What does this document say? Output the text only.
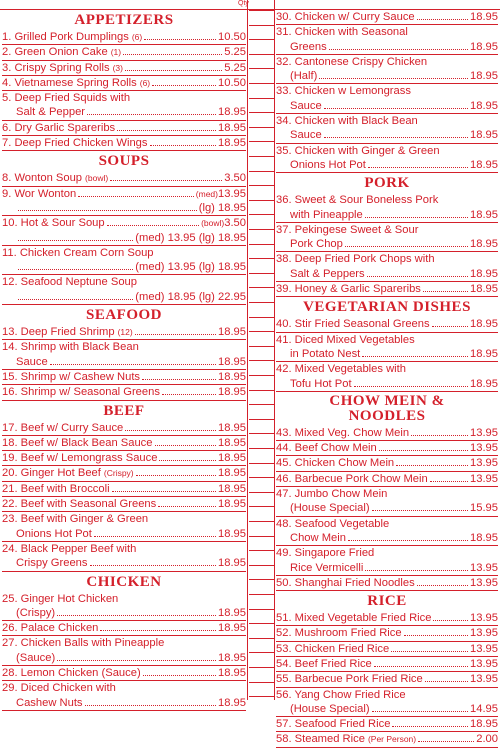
Qty
APPETIZERS
1. Grilled Pork Dumplings (6)	10.50
2. Green Onion Cake (1)	5.25
3. Crispy Spring Rolls (3)	5.25
4. Vietnamese Spring Rolls (6)	10.50
5. Deep Fried Squids with
Salt & Pepper	18.95
6. Dry Garlic Spareribs	18.95
7. Deep Fried Chicken Wings	18.95
SOUPS
8. Wonton Soup (bowl)	3.50
9. Wor Wonton	(med) 13.95
(lg) 18.95
10. Hot & Sour Soup	(bowl) 3.50
(med) 13.95 (lg) 18.95
11. Chicken Cream Corn Soup
(med) 13.95 (lg) 18.95
12. Seafood Neptune Soup
(med) 18.95 (lg) 22.95
SEAFOOD
13. Deep Fried Shrimp (12)	18.95
14. Shrimp with Black Bean
Sauce	18.95
15. Shrimp w/ Cashew Nuts	18.95
16. Shrimp w/ Seasonal Greens	18.95
BEEF
17. Beef w/ Curry Sauce	18.95
18. Beef w/ Black Bean Sauce	18.95
19. Beef w/ Lemongrass Sauce	18.95
20. Ginger Hot Beef (Crispy)	18.95
21. Beef with Broccoli	18.95
22. Beef with Seasonal Greens	18.95
23. Beef with Ginger & Green
Onions Hot Pot	18.95
24. Black Pepper Beef with
Crispy Greens	18.95
CHICKEN
25. Ginger Hot Chicken
(Crispy)	18.95
26. Palace Chicken	18.95
27. Chicken Balls with Pineapple
(Sauce)	18.95
28. Lemon Chicken (Sauce)	18.95
29. Diced Chicken with
Cashew Nuts	18.95
30. Chicken w/ Curry Sauce	18.95
31. Chicken with Seasonal
Greens	18.95
32. Cantonese Crispy Chicken
(Half)	18.95
33. Chicken w Lemongrass
Sauce	18.95
34. Chicken with Black Bean
Sauce	18.95
35. Chicken with Ginger & Green
Onions Hot Pot	18.95
PORK
36. Sweet & Sour Boneless Pork
with Pineapple	18.95
37. Pekingese Sweet & Sour
Pork Chop	18.95
38. Deep Fried Pork Chops with
Salt & Peppers	18.95
39. Honey & Garlic Spareribs	18.95
VEGETARIAN DISHES
40. Stir Fried Seasonal Greens	18.95
41. Diced Mixed Vegetables
in Potato Nest	18.95
42. Mixed Vegetables with
Tofu Hot Pot	18.95
CHOW MEIN &
NOODLES
43. Mixed Veg. Chow Mein	13.95
44. Beef Chow Mein	13.95
45. Chicken Chow Mein	13.95
46. Barbecue Pork Chow Mein	13.95
47. Jumbo Chow Mein
(House Special)	15.95
48. Seafood Vegetable
Chow Mein	18.95
49. Singapore Fried
Rice Vermicelli	13.95
50. Shanghai Fried Noodles	13.95
RICE
51. Mixed Vegetable Fried Rice	13.95
52. Mushroom Fried Rice	13.95
53. Chicken Fried Rice	13.95
54. Beef Fried Rice	13.95
55. Barbecue Pork Fried Rice	13.95
56. Yang Chow Fried Rice
(House Special)	14.95
57. Seafood Fried Rice	18.95
58. Steamed Rice (Per Person)	2.00
